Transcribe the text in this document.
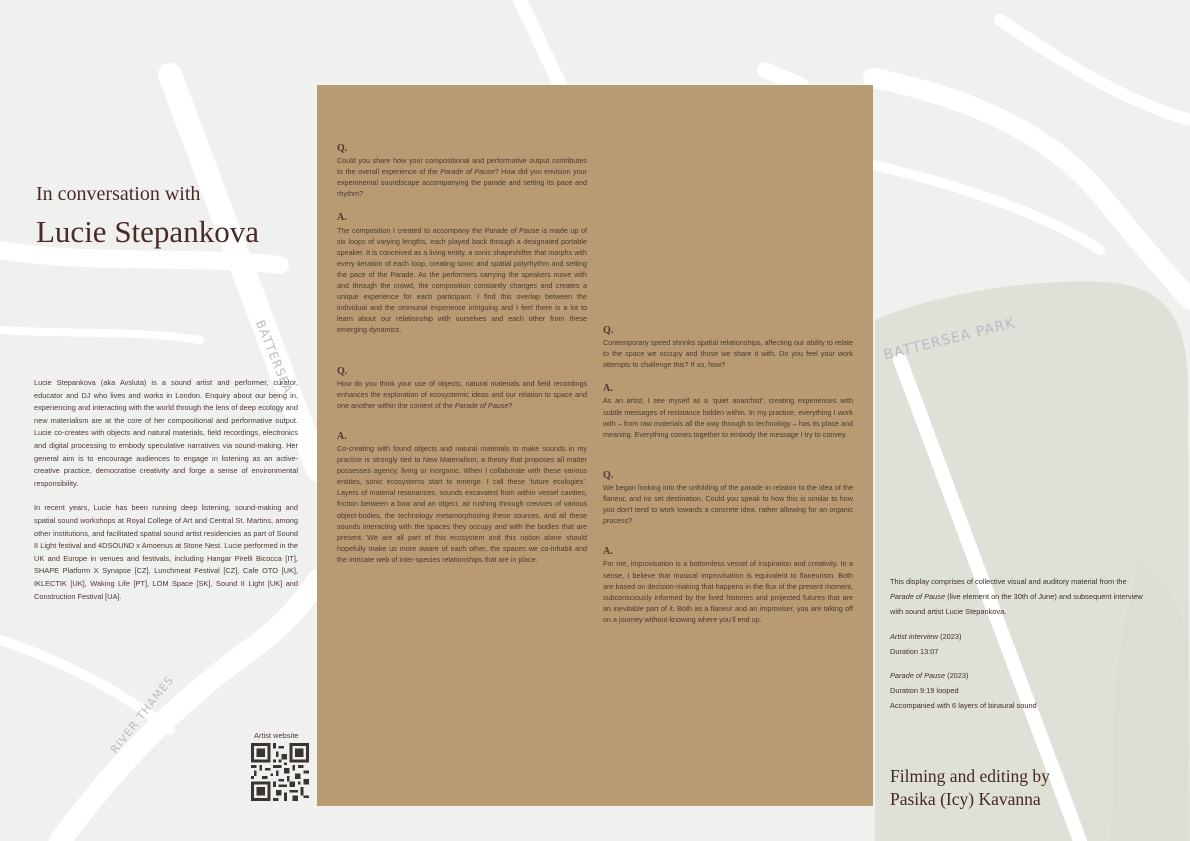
BATTERSEA	BATTERSEA PARK
RIVER THAMES
In conversation with
Lucie Stepankova

Lucie Stepankova (aka Avsluta) is a sound artist and performer, curator, educator and DJ who lives and works in London. Enquiry about our being in, experiencing and interacting with the world through the lens of deep ecology and new materialism are at the core of her compositional and performative output. Lucie co-creates with objects and natural materials, field recordings, electronics and digital processing to embody speculative narratives via sound-making. Her general aim is to encourage audiences to engage in listening as an active-creative practice, democratise creativity and forge a sense of environmental responsibility.

In recent years, Lucie has been running deep listening, sound-making and spatial sound workshops at Royal College of Art and Central St. Martins, among other institutions, and facilitated spatial sound artist residencies as part of Sound II Light festival and 4DSOUND x Amoenus at Stone Nest. Lucie performed in the UK and Europe in venues and festivals, including Hangar Pirelli Bicocca [IT], SHAPE Platform X Synapse [CZ], Lunchmeat Festival [CZ], Cafe OTO [UK], IKLECTIK [UK], Waking Life [PT], LOM Space [SK], Sound II Light [UK] and Construction Festival [UA].

Artist website
Q.

Could you share how your compositional and performative output contributes to the overall experience of the Parade of Pause? How did you envision your experimental soundscape accompanying the parade and setting its pace and rhythm?

A.

The composition I created to accompany the Parade of Pause is made up of six loops of varying lengths, each played back through a designated portable speaker. It is conceived as a living entity, a sonic shapeshifter that morphs with every iteration of each loop, creating sonic and spatial polyrhythm and setting the pace of the Parade. As the performers carrying the speakers move with and through the crowd, the composition constantly changes and creates a unique experience for each participant. I find this overlap between the individual and the ommunal experience intriguing and I feel there is a lot to learn about our relationship with ourselves and each other from these emerging dynamics.

Q.

How do you think your use of objects, natural materials and field recordings enhances the exploration of ecosystemic ideas and our relation to space and one another within the context of the Parade of Pause?

A.

Co-creating with found objects and natural materials to make sounds in my practice is strongly tied to New Materialism, a theory that proposes all matter possesses agency, living or inorganic. When I collaborate with these various entities, sonic ecosystems start to emerge. I call these ‘future ecologies’. Layers of material resonances, sounds excavated from within vessel cavities, friction between a bow and an object, air rushing through crevices of various object-bodies, the technology metamorphosing these sources, and all these sounds interacting with the spaces they occupy and with the bodies that are present. We are all part of this ecosystem and this notion alone should hopefully make us more aware of each other, the spaces we co-inhabit and the intricate web of inter-species relationships that are in place.

Q.

Contemporary speed shrinks spatial relationships, affecting our ability to relate to the space we occupy and those we share it with. Do you feel your work attempts to challenge this? If so, how?

A.

As an artist, I see myself as a ‘quiet anarchist’, creating experiences with subtle messages of resistance hidden within. In my practice, everything I work with – from raw materials all the way through to technology – has its place and meaning. Everything comes together to embody the message I try to convey.

Q.

We began looking into the unfolding of the parade in relation to the idea of the flaneur, and no set destination. Could you speak to how this is similar to how you don’t tend to work towards a concrete idea, rather allowing for an organic process?

A.

For me, improvisation is a bottomless vessel of inspiration and creativity. In a sense, I believe that musical improvisation is equivalent to flaneurism. Both are based on decision-making that happens in the flux of the present moment, subconsciously informed by the lived histories and projected futures that are an inevitable part of it. Both as a flaneur and an improviser, you are taking off on a journey without knowing where you’ll end up.

This display comprises of collective visual and auditory material from the Parade of Pause (live element on the 30th of June) and subsequent interview with sound artist Lucie Stepankova.

Artist interview (2023)

Duration 13:07

Parade of Pause (2023)

Duration 9:19 looped

Accompanied with 6 layers of binaural sound

Filming and editing by
Pasika (Icy) Kavanna
